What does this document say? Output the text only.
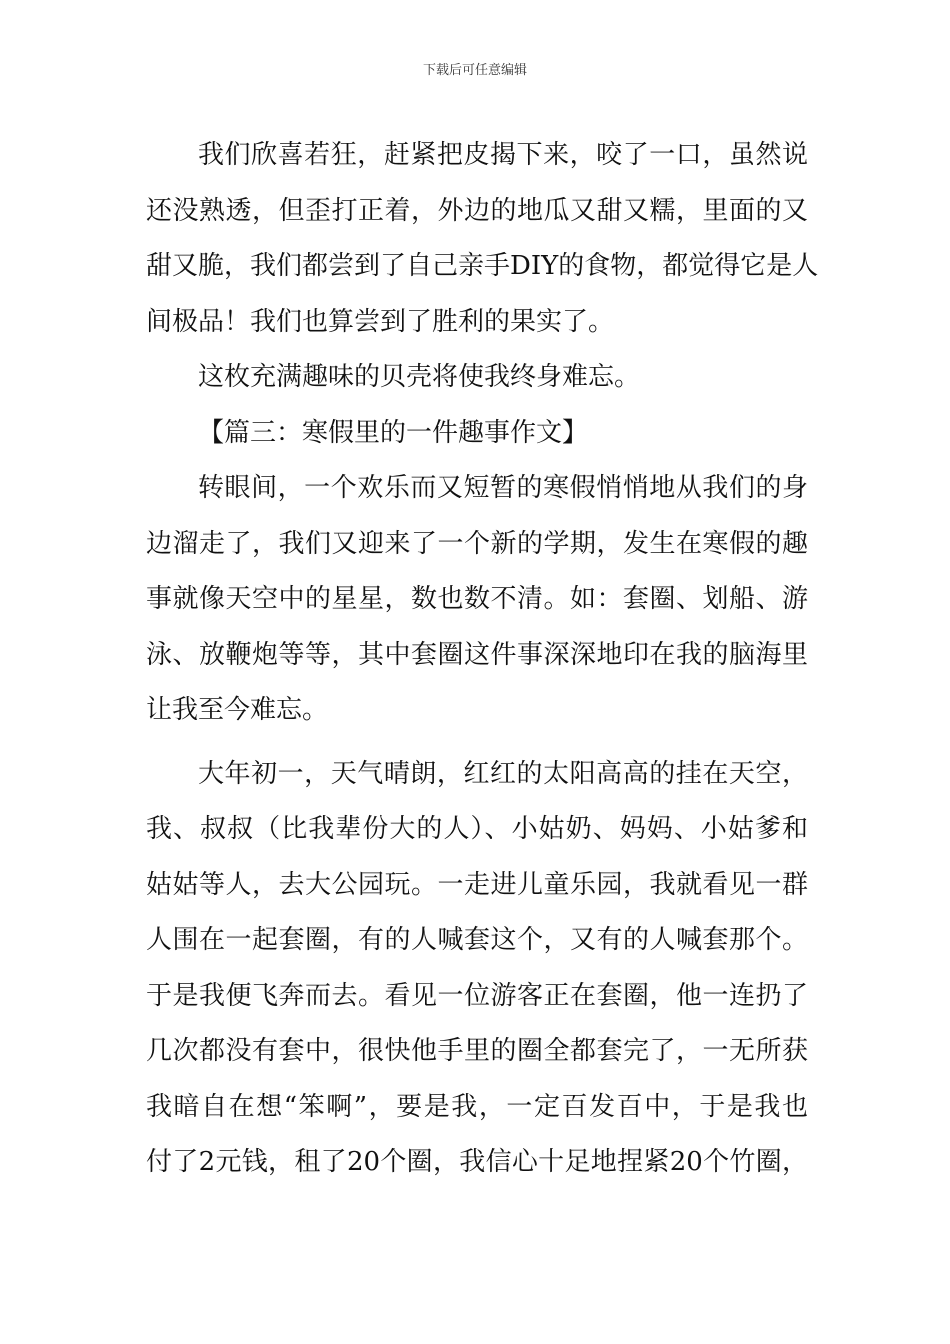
下载后可任意编辑
我们欣喜若狂，赶紧把皮揭下来，咬了一口，虽然说
还没熟透，但歪打正着，外边的地瓜又甜又糯，里面的又
甜又脆，我们都尝到了自己亲手DIY的食物，都觉得它是人
间极品！我们也算尝到了胜利的果实了。
这枚充满趣味的贝壳将使我终身难忘。
【篇三：寒假里的一件趣事作文】
转眼间，一个欢乐而又短暂的寒假悄悄地从我们的身
边溜走了，我们又迎来了一个新的学期，发生在寒假的趣
事就像天空中的星星，数也数不清。如：套圈、划船、游
泳、放鞭炮等等，其中套圈这件事深深地印在我的脑海里
让我至今难忘。
大年初一，天气晴朗，红红的太阳高高的挂在天空，
我、叔叔（比我辈份大的人）、小姑奶、妈妈、小姑爹和
姑姑等人，去大公园玩。一走进儿童乐园，我就看见一群
人围在一起套圈，有的人喊套这个，又有的人喊套那个。
于是我便飞奔而去。看见一位游客正在套圈，他一连扔了
几次都没有套中，很快他手里的圈全都套完了，一无所获
我暗自在想“笨啊”，要是我，一定百发百中，于是我也
付了2元钱，租了20个圈，我信心十足地捏紧20个竹圈，
